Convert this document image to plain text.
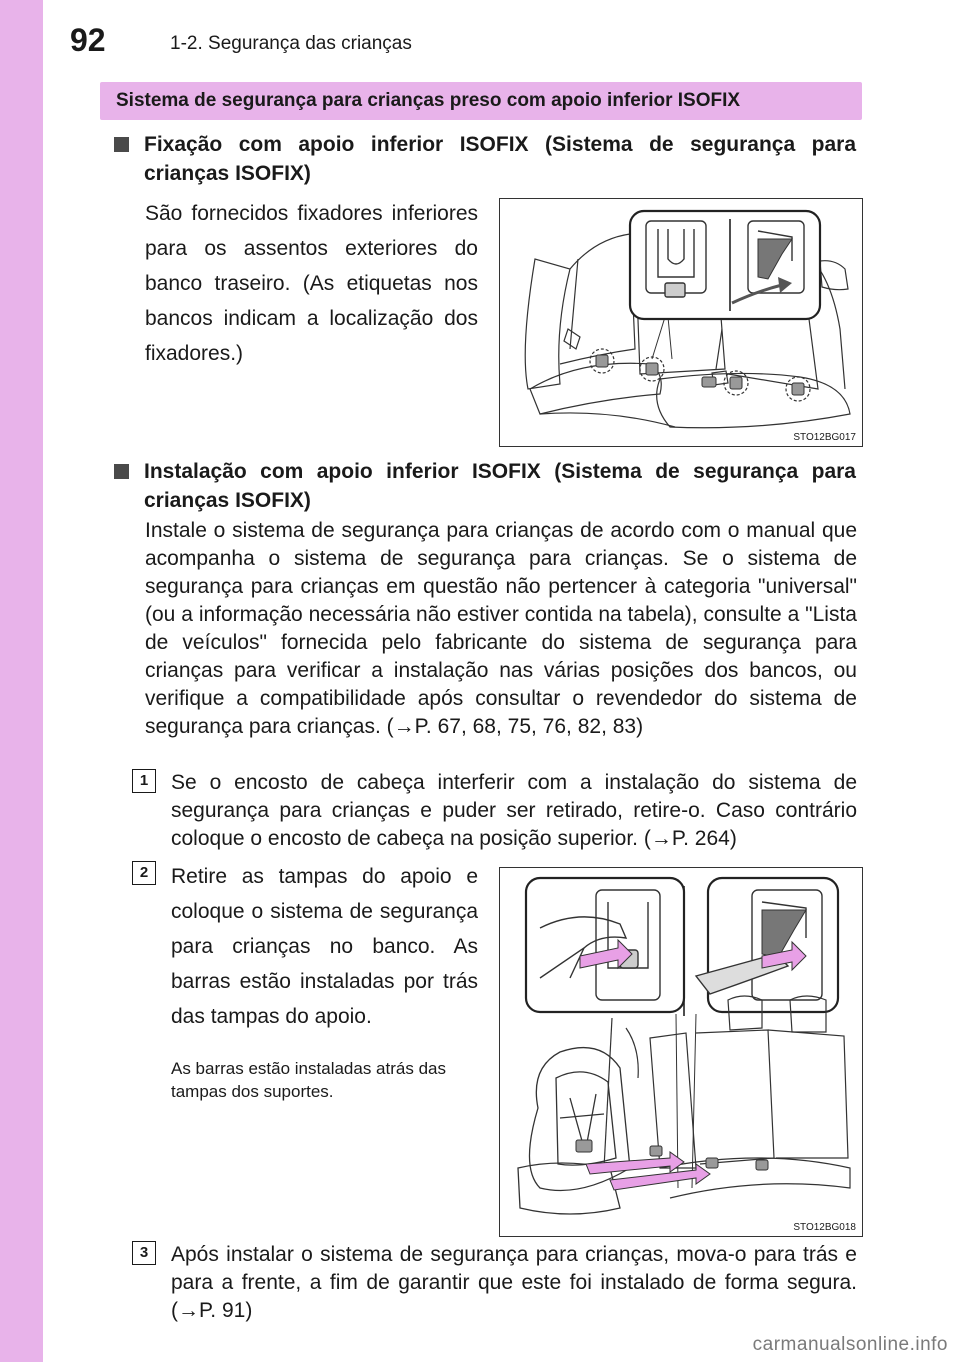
92	1-2. Segurança das crianças
Sistema de segurança para crianças preso com apoio inferior ISOFIX
Fixação com apoio inferior ISOFIX (Sistema de segurança para crianças ISOFIX)
São fornecidos fixadores inferiores para os assentos exteriores do banco traseiro. (As etiquetas nos bancos indicam a localização dos fixadores.)
STO12BG017
Instalação com apoio inferior ISOFIX (Sistema de segurança para crianças ISOFIX)
Instale o sistema de segurança para crianças de acordo com o manual que acompanha o sistema de segurança para crianças. Se o sistema de segurança para crianças em questão não pertencer à categoria "universal" (ou a informação necessária não estiver contida na tabela), consulte a "Lista de veículos" fornecida pelo fabricante do sistema de segurança para crianças para verificar a instalação nas várias posições dos bancos, ou verifique a compatibilidade após consultar o revendedor do sistema de segurança para crianças. (→P. 67, 68, 75, 76, 82, 83)
1	Se o encosto de cabeça interferir com a instalação do sistema de segurança para crianças e puder ser retirado, retire-o. Caso contrário coloque o encosto de cabeça na posição superior. (→P. 264)
2	Retire as tampas do apoio e coloque o sistema de segurança para crianças no banco. As barras estão instaladas por trás das tampas do apoio.
As barras estão instaladas atrás das tampas dos suportes.
STO12BG018
3	Após instalar o sistema de segurança para crianças, mova-o para trás e para a frente, a fim de garantir que este foi instalado de forma segura. (→P. 91)
carmanualsonline.info
